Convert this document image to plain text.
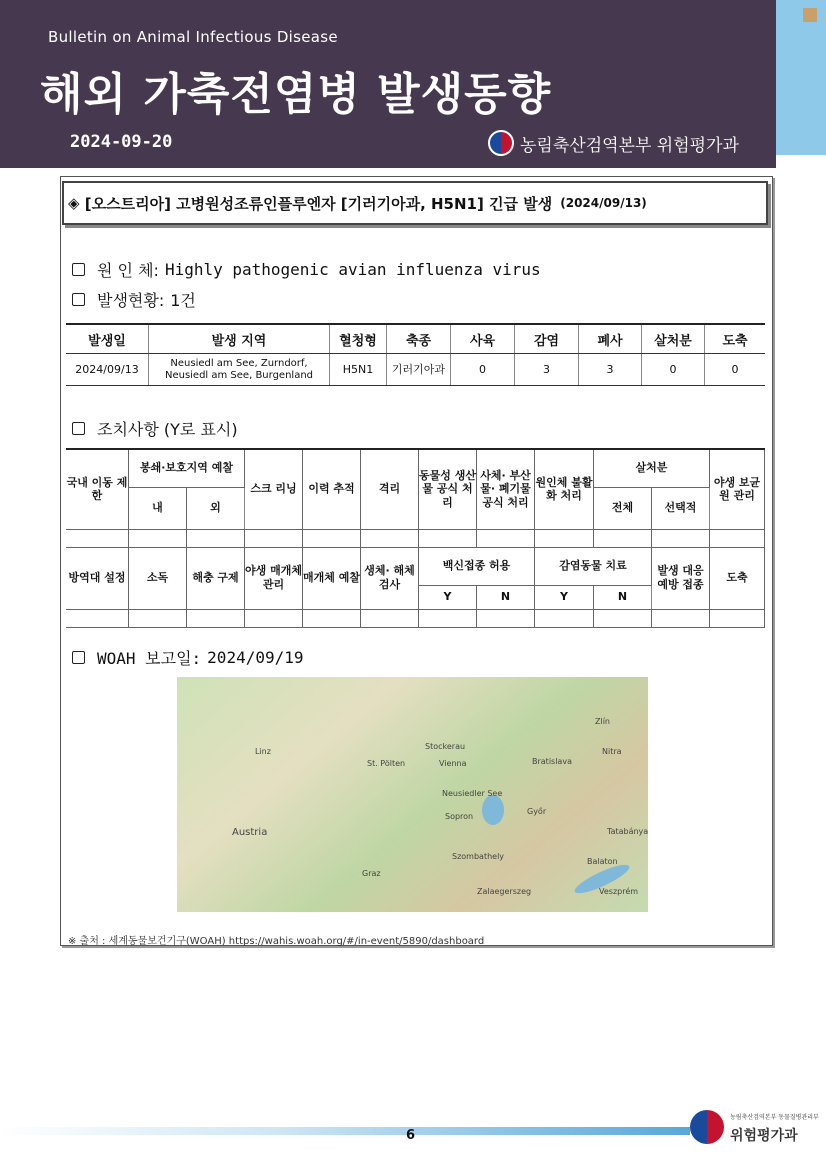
Bulletin on Animal Infectious Disease
해외 가축전염병 발생동향
2024-09-20	농림축산검역본부 위험평가과
◈
[오스트리아] 고병원성조류인플루엔자 [기러기아과, H5N1] 긴급 발생 (2024/09/13)
원 인 체: Highly pathogenic avian influenza virus
발생현황: 1건
발생일	발생 지역	혈청형	축종	사육	감염	폐사	살처분	도축
2024/09/13	Neusiedl am See, Zurndorf, Neusiedl am See, Burgenland	H5N1	기러기아과	0	3	3	0	0
조치사항 (Y로 표시)
국내 이동 제한	봉쇄·보호지역 예찰		스크 리닝	이력 추적	격리	동물성 생산물 공식 처리	사체· 부산물· 폐기물 공식 처리	원인체 불활화 처리	살처분		야생 보균원 관리
	내	외							전체	선택적	

방역대 설정	소독	해충 구제	야생 매개체 관리	매개체 예찰	생체· 해체 검사	백신접종 허용		감염동물 치료		발생 대응 예방 접종	도축
						Y	N	Y	N		

WOAH 보고일: 2024/09/19
Linz
St. Pölten	Vienna	Bratislava
Austria
Graz
Győr
Szombathely
Sopron
Neusiedler See
Balaton
Stockerau
Zlín
Nitra
Tatabánya
Veszprém
Zalaegerszeg
※ 출처 : 세계동물보건기구(WOAH) https://wahis.woah.org/#/in-event/5890/dashboard
6
농림축산검역본부 동물질병관리부
위험평가과
